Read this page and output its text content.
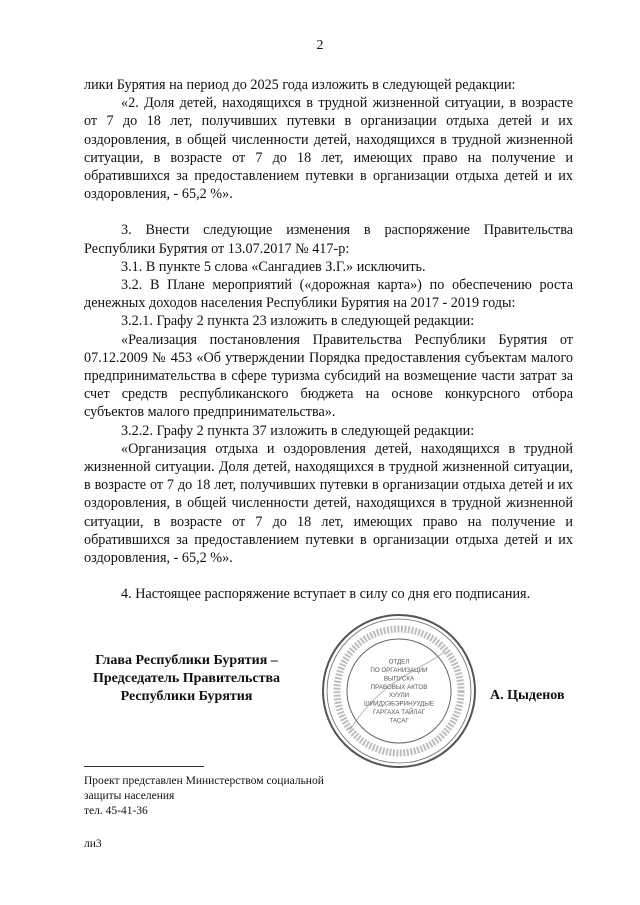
2

лики Бурятия на период до 2025 года изложить в следующей редакции:

«2. Доля детей, находящихся в трудной жизненной ситуации, в возрасте от 7 до 18 лет, получивших путевки в организации отдыха детей и их оздоровления, в общей численности детей, находящихся в трудной жизненной ситуации, в возрасте от 7 до 18 лет, имеющих право на получение и обратившихся за предоставлением путевки в организации отдыха детей и их оздоровления, - 65,2 %».

3. Внести следующие изменения в распоряжение Правительства Республики Бурятия от 13.07.2017 № 417-р:

3.1. В пункте 5 слова «Сангадиев З.Г.» исключить.

3.2. В Плане мероприятий («дорожная карта») по обеспечению роста денежных доходов населения Республики Бурятия на 2017 - 2019 годы:

3.2.1. Графу 2 пункта 23 изложить в следующей редакции:

«Реализация постановления Правительства Республики Бурятия от 07.12.2009 № 453 «Об утверждении Порядка предоставления субъектам малого предпринимательства в сфере туризма субсидий на возмещение части затрат за счет средств республиканского бюджета на основе конкурсного отбора субъектов малого предпринимательства».

3.2.2. Графу 2 пункта 37 изложить в следующей редакции:

«Организация отдыха и оздоровления детей, находящихся в трудной жизненной ситуации. Доля детей, находящихся в трудной жизненной ситуации, в возрасте от 7 до 18 лет, получивших путевки в организации отдыха детей и их оздоровления, в общей численности детей, находящихся в трудной жизненной ситуации, в возрасте от 7 до 18 лет, имеющих право на получение и обратившихся за предоставлением путевки в организации отдыха детей и их оздоровления, - 65,2 %».

4. Настоящее распоряжение вступает в силу со дня его подписания.

Глава Республики Бурятия –
Председатель Правительства
Республики Бурятия
ОТДЕЛ
ПО ОРГАНИЗАЦИИ
ВЫПУСКА
ПРАВОВЫХ АКТОВ
ХУУЛИ
ШИИДХЭБЭРИНУУДЫЕ
ГАРГАХА ТАЙЛАГ
ТАСАГ
А. Цыденов
Проект представлен Министерством социальной
защиты населения
тел. 45-41-36
ли3
